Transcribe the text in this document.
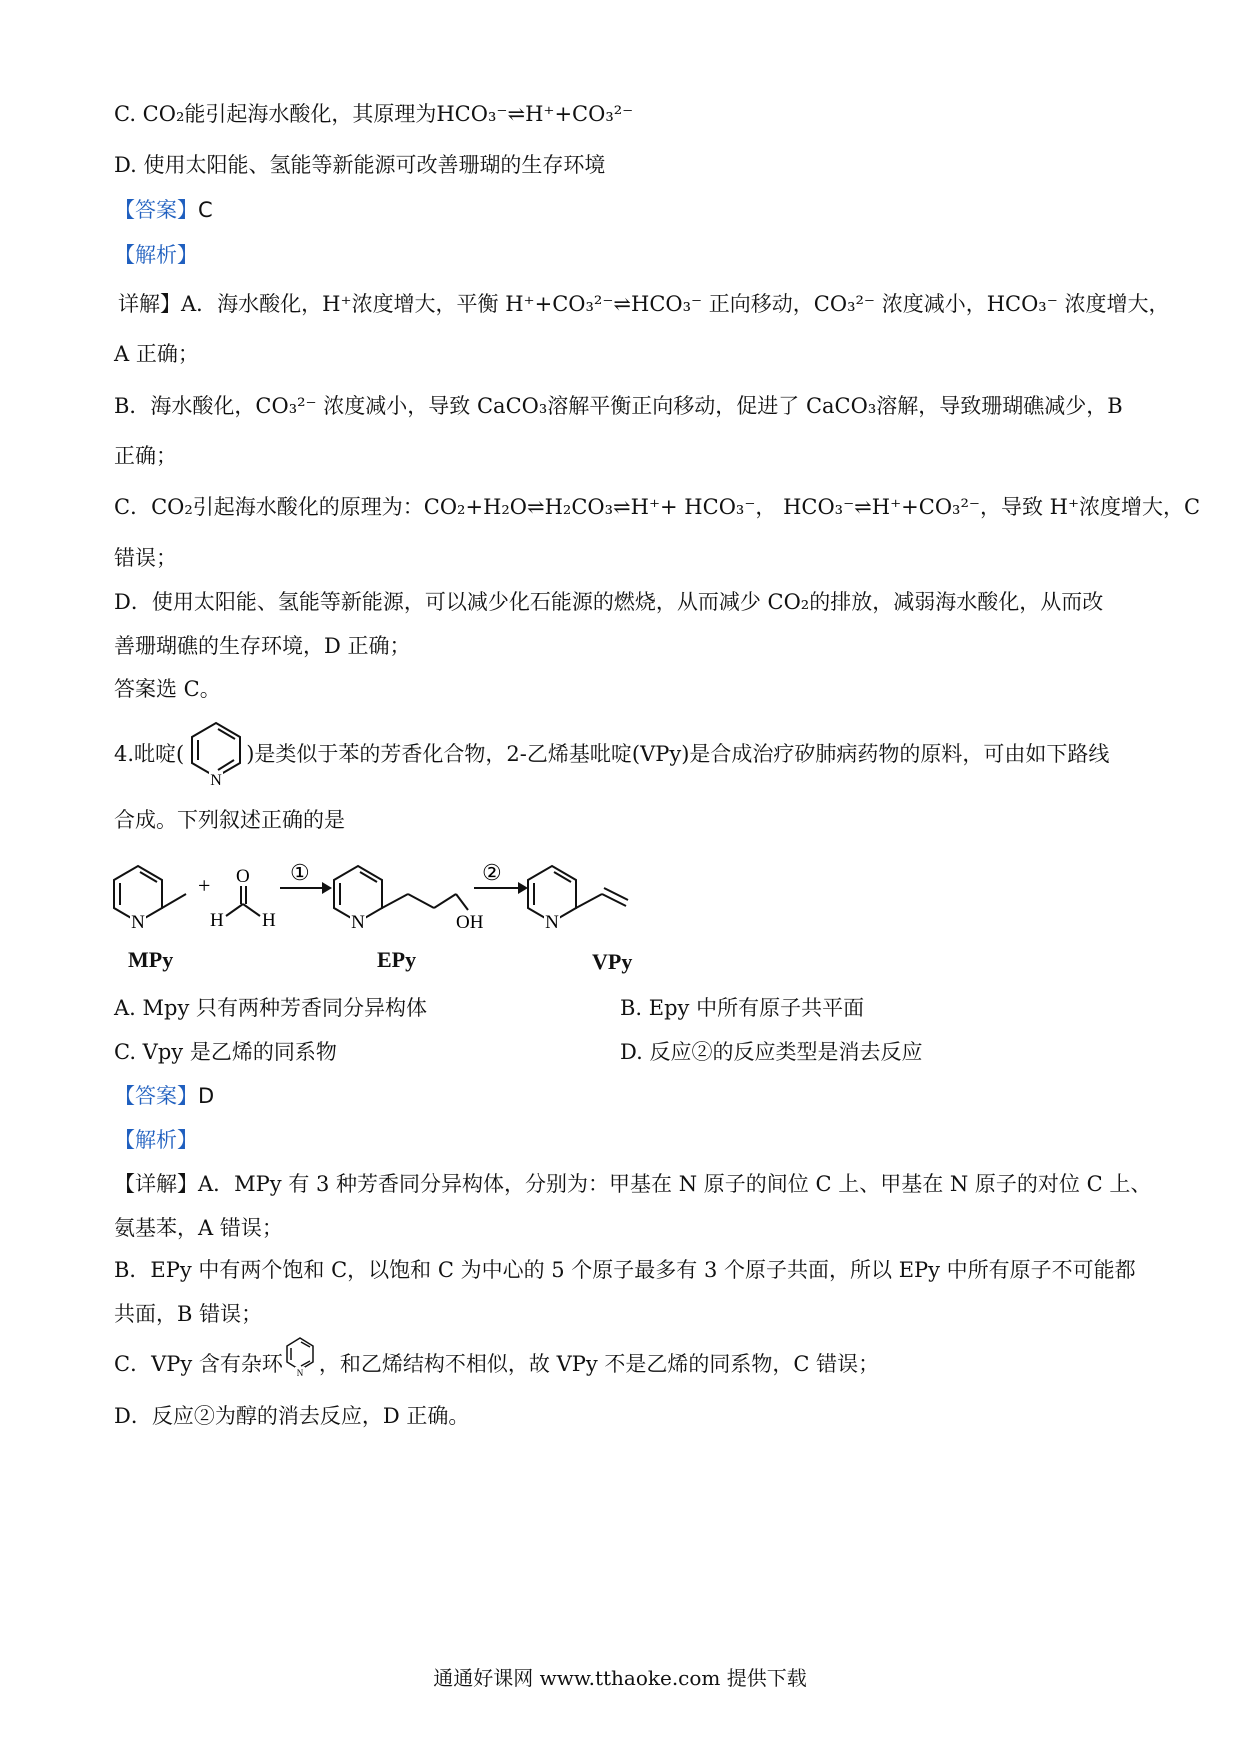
C. CO₂能引起海水酸化，其原理为HCO₃⁻⇌H⁺+CO₃²⁻
D. 使用太阳能、氢能等新能源可改善珊瑚的生存环境
【答案】C
【解析】
详解】A．海水酸化，H⁺浓度增大，平衡 H⁺+CO₃²⁻⇌HCO₃⁻ 正向移动，CO₃²⁻ 浓度减小，HCO₃⁻ 浓度增大，
A 正确；
B．海水酸化，CO₃²⁻ 浓度减小，导致 CaCO₃溶解平衡正向移动，促进了 CaCO₃溶解，导致珊瑚礁减少，B
正确；
C．CO₂引起海水酸化的原理为：CO₂+H₂O⇌H₂CO₃⇌H⁺+ HCO₃⁻， HCO₃⁻⇌H⁺+CO₃²⁻，导致 H⁺浓度增大，C
错误；
D．使用太阳能、氢能等新能源，可以减少化石能源的燃烧，从而减少 CO₂的排放，减弱海水酸化，从而改
善珊瑚礁的生存环境，D 正确；
答案选 C。
4.吡啶(
N
)是类似于苯的芳香化合物，2-乙烯基吡啶(VPy)是合成治疗矽肺病药物的原料，可由如下路线
合成。下列叙述正确的是
N
+ O
H H
①
N	OH
②
N
MPy	EPy	VPy
A. Mpy 只有两种芳香同分异构体	B. Epy 中所有原子共平面
C. Vpy 是乙烯的同系物	D. 反应②的反应类型是消去反应
【答案】D
【解析】
【详解】A．MPy 有 3 种芳香同分异构体，分别为：甲基在 N 原子的间位 C 上、甲基在 N 原子的对位 C 上、
氨基苯，A 错误；
B．EPy 中有两个饱和 C，以饱和 C 为中心的 5 个原子最多有 3 个原子共面，所以 EPy 中所有原子不可能都
共面，B 错误；
C．VPy 含有杂环 N ，和乙烯结构不相似，故 VPy 不是乙烯的同系物，C 错误；
D．反应②为醇的消去反应，D 正确。
通通好课网 www.tthaoke.com 提供下载
